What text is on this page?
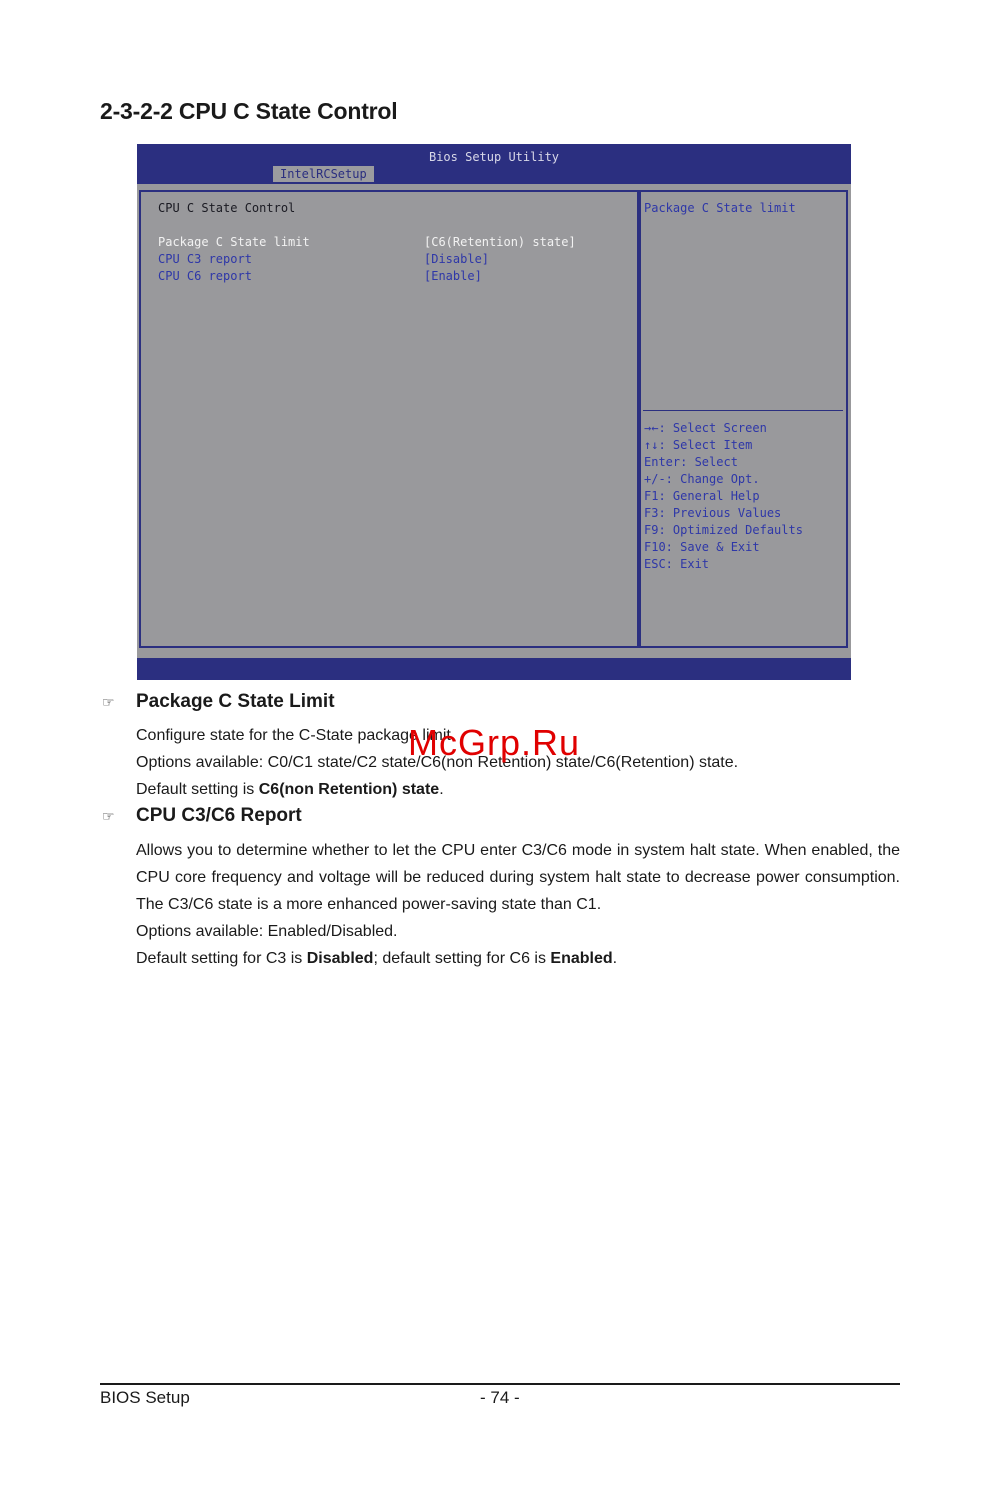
2-3-2-2 CPU C State Control
Bios Setup Utility
IntelRCSetup
CPU C State Control
Package C State limit	[C6(Retention) state]
CPU C3 report	[Disable]
CPU C6 report	[Enable]
Package C State limit
→←: Select Screen
↑↓: Select Item
Enter: Select
+/-: Change Opt.
F1: General Help
F3: Previous Values
F9: Optimized Defaults
F10: Save & Exit
ESC: Exit
☞ Package C State Limit
Configure state for the C-State package limit.
Options available: C0/C1 state/C2 state/C6(non Retention) state/C6(Retention) state.
Default setting is C6(non Retention) state.
☞ CPU C3/C6 Report
Allows you to determine whether to let the CPU enter C3/C6 mode in system halt state. When enabled, the CPU core frequency and voltage will be reduced during system halt state to decrease power consumption. The C3/C6 state is a more enhanced power-saving state than C1.
Options available: Enabled/Disabled.
Default setting for C3 is Disabled; default setting for C6 is Enabled.
McGrp.Ru
BIOS Setup	- 74 -
